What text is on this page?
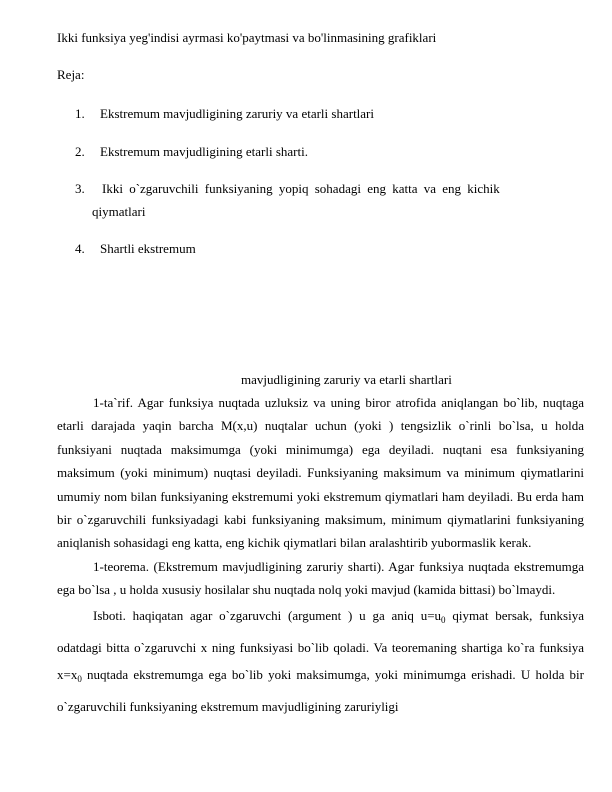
Ikki funksiya yeg'indisi ayrmasi ko'paytmasi va bo'linmasining grafiklari
Reja:
1. Ekstremum mavjudligining zaruriy va etarli shartlari
2. Ekstremum mavjudligining etarli sharti.
3. Ikki o`zgaruvchili funksiyaning yopiq sohadagi eng katta va eng kichik
qiymatlari
4. Shartli ekstremum
mavjudligining zaruriy va etarli shartlari

1-ta`rif. Agar funksiya nuqtada uzluksiz va uning biror atrofida aniqlangan bo`lib, nuqtaga etarli darajada yaqin barcha M(x,u) nuqtalar uchun (yoki ) tengsizlik o`rinli bo`lsa, u holda funksiyani nuqtada maksimumga (yoki minimumga) ega deyiladi. nuqtani esa funksiyaning maksimum (yoki minimum) nuqtasi deyiladi. Funksiyaning maksimum va minimum qiymatlarini umumiy nom bilan funksiyaning ekstremumi yoki ekstremum qiymatlari ham deyiladi. Bu erda ham bir o`zgaruvchili funksiyadagi kabi funksiyaning maksimum, minimum qiymatlarini funksiyaning aniqlanish sohasidagi eng katta, eng kichik qiymatlari bilan aralashtirib yubormaslik kerak.

1-teorema. (Ekstremum mavjudligining zaruriy sharti). Agar funksiya nuqtada ekstremumga ega bo`lsa , u holda xususiy hosilalar shu nuqtada nolq yoki mavjud (kamida bittasi) bo`lmaydi.

Isboti. haqiqatan agar o`zgaruvchi (argument ) u ga aniq $u=u_0$ qiymat bersak, funksiya odatdagi bitta o`zgaruvchi x ning funksiyasi bo`lib qoladi. Va teoremaning shartiga ko`ra funksiya $x=x_0$ nuqtada ekstremumga ega bo`lib yoki maksimumga, yoki minimumga erishadi. U holda bir o`zgaruvchili funksiyaning ekstremum mavjudligining zaruriyligi
